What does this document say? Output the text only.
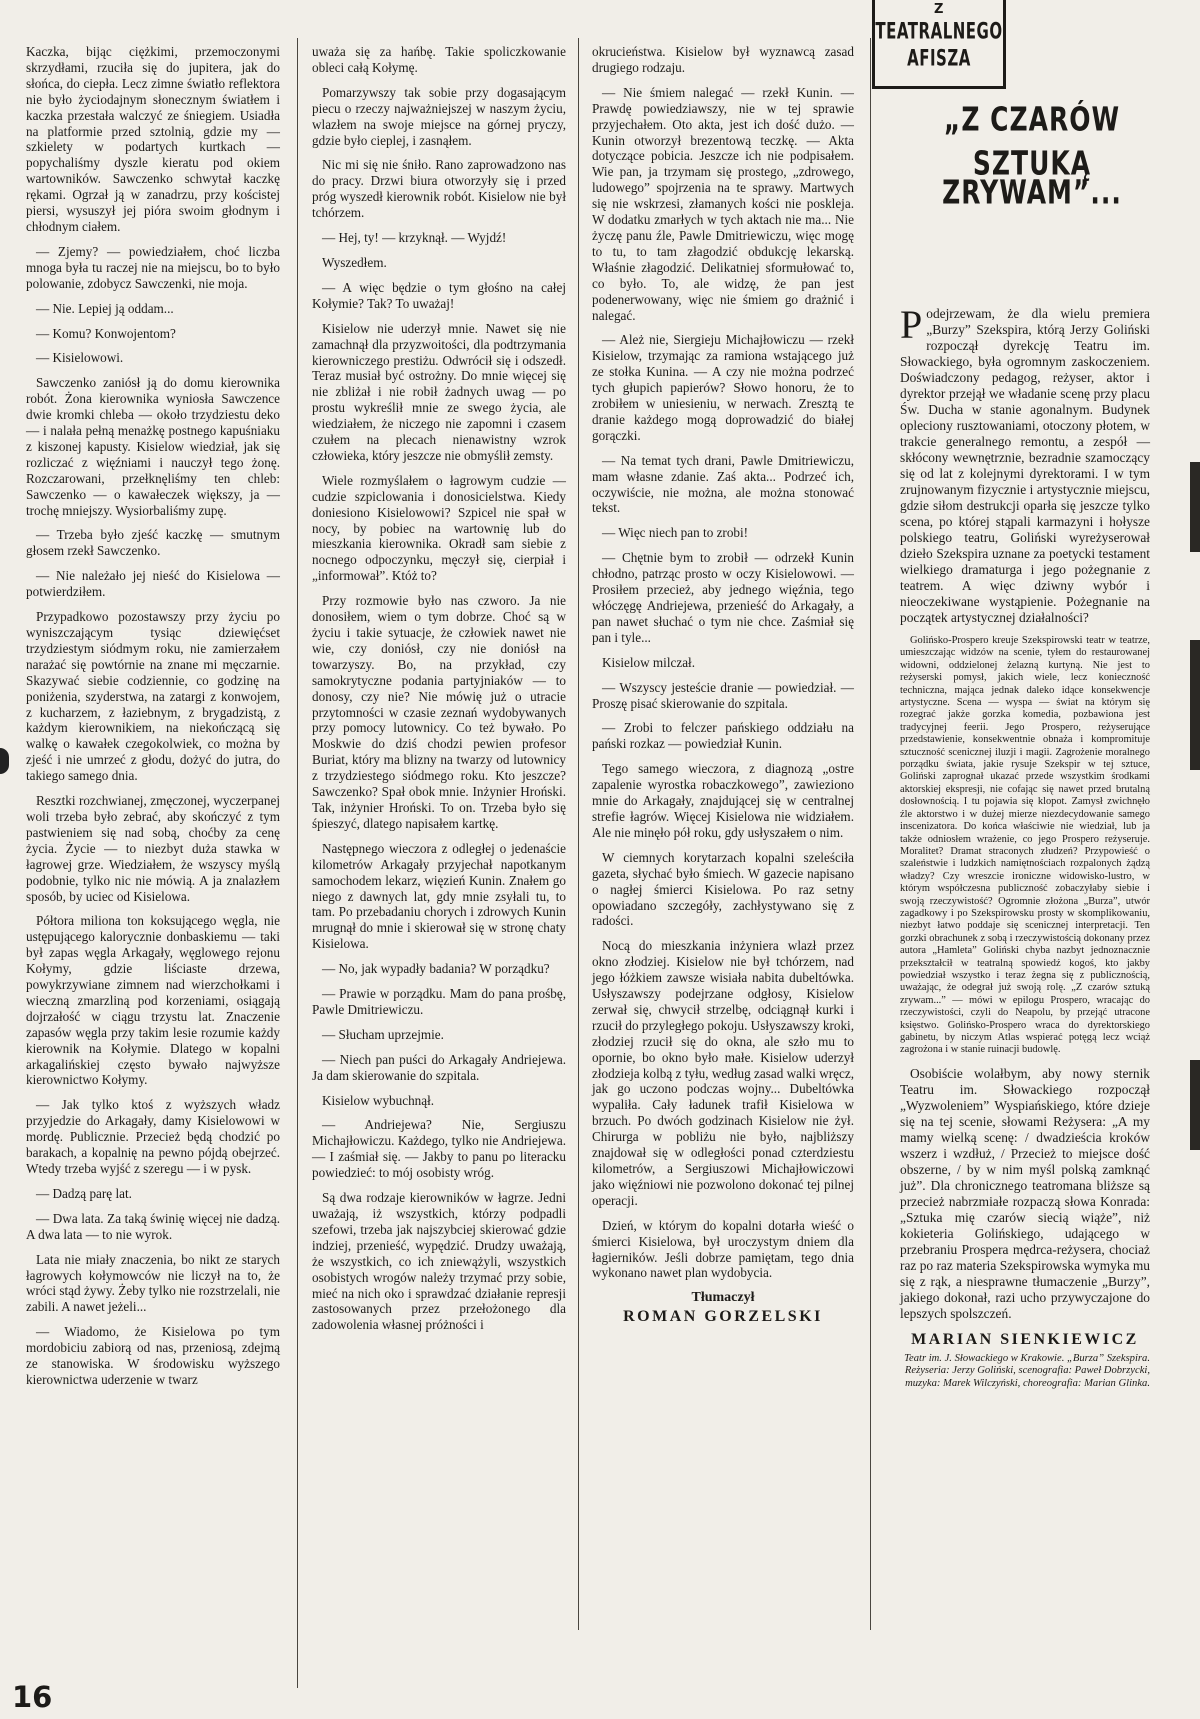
Kaczka, bijąc ciężkimi, przemoczonymi skrzydłami, rzuciła się do jupitera, jak do słońca, do ciepła. Lecz zimne światło reflektora nie było życiodajnym słonecznym światłem i kaczka przestała walczyć ze śniegiem. Usiadła na platformie przed sztolnią, gdzie my — szkielety w podartych kurtkach — popychaliśmy dyszle kieratu pod okiem wartowników. Sawczenko schwytał kaczkę rękami. Ogrzał ją w zanadrzu, przy kościstej piersi, wysuszył jej pióra swoim głodnym i chłodnym ciałem.

— Zjemy? — powiedziałem, choć liczba mnoga była tu raczej nie na miejscu, bo to było polowanie, zdobycz Sawczenki, nie moja.

— Nie. Lepiej ją oddam...

— Komu? Konwojentom?

— Kisielowowi.

Sawczenko zaniósł ją do domu kierownika robót. Żona kierownika wyniosła Sawczence dwie kromki chleba — około trzydziestu deko — i nalała pełną menażkę postnego kapuśniaku z kiszonej kapusty. Kisielow wiedział, jak się rozliczać z więźniami i nauczył tego żonę. Rozczarowani, przełknęliśmy ten chleb: Sawczenko — o kawałeczek większy, ja — trochę mniejszy. Wysiorbaliśmy zupę.

— Trzeba było zjeść kaczkę — smutnym głosem rzekł Sawczenko.

— Nie należało jej nieść do Kisielowa — potwierdziłem.

Przypadkowo pozostawszy przy życiu po wyniszczającym tysiąc dziewięćset trzydziestym siódmym roku, nie zamierzałem narażać się powtórnie na znane mi męczarnie. Skazywać siebie codziennie, co godzinę na poniżenia, szyderstwa, na zatargi z konwojem, z kucharzem, z łaziebnym, z brygadzistą, z każdym kierownikiem, na niekończącą się walkę o kawałek czegokolwiek, co można by zjeść i nie umrzeć z głodu, dożyć do jutra, do takiego samego dnia.

Resztki rozchwianej, zmęczonej, wyczerpanej woli trzeba było zebrać, aby skończyć z tym pastwieniem się nad sobą, choćby za cenę życia. Życie — to niezbyt duża stawka w łagrowej grze. Wiedziałem, że wszyscy myślą podobnie, tylko nic nie mówią. A ja znalazłem sposób, by uciec od Kisielowa.

Półtora miliona ton koksującego węgla, nie ustępującego kalorycznie donbaskiemu — taki był zapas węgla Arkagały, węglowego rejonu Kołymy, gdzie liściaste drzewa, powykrzywiane zimnem nad wierzchołkami i wieczną zmarzliną pod korzeniami, osiągają dojrzałość w ciągu trzystu lat. Znaczenie zapasów węgla przy takim lesie rozumie każdy kierownik na Kołymie. Dlatego w kopalni arkagalińskiej często bywało najwyższe kierownictwo Kołymy.

— Jak tylko ktoś z wyższych władz przyjedzie do Arkagały, damy Kisielowowi w mordę. Publicznie. Przecież będą chodzić po barakach, a kopalnię na pewno pójdą obejrzeć. Wtedy trzeba wyjść z szeregu — i w pysk.

— Dadzą parę lat.

— Dwa lata. Za taką świnię więcej nie dadzą. A dwa lata — to nie wyrok.

Lata nie miały znaczenia, bo nikt ze starych łagrowych kołymowców nie liczył na to, że wróci stąd żywy. Żeby tylko nie rozstrzelali, nie zabili. A nawet jeżeli...

— Wiadomo, że Kisielowa po tym mordobiciu zabiorą od nas, przeniosą, zdejmą ze stanowiska. W środowisku wyższego kierownictwa uderzenie w twarz

uważa się za hańbę. Takie spoliczkowanie obleci całą Kołymę.

Pomarzywszy tak sobie przy dogasającym piecu o rzeczy najważniejszej w naszym życiu, wlazłem na swoje miejsce na górnej pryczy, gdzie było cieplej, i zasnąłem.

Nic mi się nie śniło. Rano zaprowadzono nas do pracy. Drzwi biura otworzyły się i przed próg wyszedł kierownik robót. Kisielow nie był tchórzem.

— Hej, ty! — krzyknął. — Wyjdź!

Wyszedłem.

— A więc będzie o tym głośno na całej Kołymie? Tak? To uważaj!

Kisielow nie uderzył mnie. Nawet się nie zamachnął dla przyzwoitości, dla podtrzymania kierowniczego prestiżu. Odwrócił się i odszedł. Teraz musiał być ostrożny. Do mnie więcej się nie zbliżał i nie robił żadnych uwag — po prostu wykreślił mnie ze swego życia, ale wiedziałem, że niczego nie zapomni i czasem czułem na plecach nienawistny wzrok człowieka, który jeszcze nie obmyślił zemsty.

Wiele rozmyślałem o łagrowym cudzie — cudzie szpiclowania i donosicielstwa. Kiedy doniesiono Kisielowowi? Szpicel nie spał w nocy, by pobiec na wartownię lub do mieszkania kierownika. Okradł sam siebie z nocnego odpoczynku, męczył się, cierpiał i „informował”. Któż to?

Przy rozmowie było nas czworo. Ja nie donosiłem, wiem o tym dobrze. Choć są w życiu i takie sytuacje, że człowiek nawet nie wie, czy doniósł, czy nie doniósł na towarzyszy. Bo, na przykład, czy samokrytyczne podania partyjniaków — to donosy, czy nie? Nie mówię już o utracie przytomności w czasie zeznań wydobywanych przy pomocy lutownicy. Co też bywało. Po Moskwie do dziś chodzi pewien profesor Buriat, który ma blizny na twarzy od lutownicy z trzydziestego siódmego roku. Kto jeszcze? Sawczenko? Spał obok mnie. Inżynier Hroński. Tak, inżynier Hroński. To on. Trzeba było się śpieszyć, dlatego napisałem kartkę.

Następnego wieczora z odległej o jedenaście kilometrów Arkagały przyjechał napotkanym samochodem lekarz, więzień Kunin. Znałem go niego z dawnych lat, gdy mnie zsyłali tu, to tam. Po przebadaniu chorych i zdrowych Kunin mrugnął do mnie i skierował się w stronę chaty Kisielowa.

— No, jak wypadły badania? W porządku?

— Prawie w porządku. Mam do pana prośbę, Pawle Dmitriewiczu.

— Słucham uprzejmie.

— Niech pan puści do Arkagały Andriejewa. Ja dam skierowanie do szpitala.

Kisielow wybuchnął.

— Andriejewa? Nie, Sergiuszu Michajłowiczu. Każdego, tylko nie Andriejewa. — I zaśmiał się. — Jakby to panu po literacku powiedzieć: to mój osobisty wróg.

Są dwa rodzaje kierowników w łagrze. Jedni uważają, iż wszystkich, którzy podpadli szefowi, trzeba jak najszybciej skierować gdzie indziej, przenieść, wypędzić. Drudzy uważają, że wszystkich, co ich zniewążyli, wszystkich osobistych wrogów należy trzymać przy sobie, mieć na nich oko i sprawdzać działanie represji zastosowanych przez przełożonego dla zadowolenia własnej próżności i

okrucieństwa. Kisielow był wyznawcą zasad drugiego rodzaju.

— Nie śmiem nalegać — rzekł Kunin. — Prawdę powiedziawszy, nie w tej sprawie przyjechałem. Oto akta, jest ich dość dużo. — Kunin otworzył brezentową teczkę. — Akta dotyczące pobicia. Jeszcze ich nie podpisałem. Wie pan, ja trzymam się prostego, „zdrowego, ludowego” spojrzenia na te sprawy. Martwych się nie wskrzesi, złamanych kości nie poskleja. W dodatku zmarłych w tych aktach nie ma... Nie życzę panu źle, Pawle Dmitriewiczu, więc mogę to tu, to tam złagodzić obdukcję lekarską. Właśnie złagodzić. Delikatniej sformułować to, co było. To, ale widzę, że pan jest podenerwowany, więc nie śmiem go drażnić i nalegać.

— Ależ nie, Siergieju Michajłowiczu — rzekł Kisielow, trzymając za ramiona wstającego już ze stołka Kunina. — A czy nie można podrzeć tych głupich papierów? Słowo honoru, że to zrobiłem w uniesieniu, w nerwach. Zresztą te dranie każdego mogą doprowadzić do białej gorączki.

— Na temat tych drani, Pawle Dmitriewiczu, mam własne zdanie. Zaś akta... Podrzeć ich, oczywiście, nie można, ale można stonować tekst.

— Więc niech pan to zrobi!

— Chętnie bym to zrobił — odrzekł Kunin chłodno, patrząc prosto w oczy Kisielowowi. — Prosiłem przecież, aby jednego więźnia, tego włóczęgę Andriejewa, przenieść do Arkagały, a pan nawet słuchać o tym nie chce. Zaśmiał się pan i tyle...

Kisielow milczał.

— Wszyscy jesteście dranie — powiedział. — Proszę pisać skierowanie do szpitala.

— Zrobi to felczer pańskiego oddziału na pański rozkaz — powiedział Kunin.

Tego samego wieczora, z diagnozą „ostre zapalenie wyrostka robaczkowego”, zawieziono mnie do Arkagały, znajdującej się w centralnej strefie łagrów. Więcej Kisielowa nie widziałem. Ale nie minęło pół roku, gdy usłyszałem o nim.

W ciemnych korytarzach kopalni szeleściła gazeta, słychać było śmiech. W gazecie napisano o nagłej śmierci Kisielowa. Po raz setny opowiadano szczegóły, zachłystywano się z radości.

Nocą do mieszkania inżyniera wlazł przez okno złodziej. Kisielow nie był tchórzem, nad jego łóżkiem zawsze wisiała nabita dubeltówka. Usłyszawszy podejrzane odgłosy, Kisielow zerwał się, chwycił strzelbę, odciągnął kurki i rzucił do przyległego pokoju. Usłyszawszy kroki, złodziej rzucił się do okna, ale szło mu to opornie, bo okno było małe. Kisielow uderzył złodzieja kolbą z tyłu, według zasad walki wręcz, jak go uczono podczas wojny... Dubeltówka wypaliła. Cały ładunek trafił Kisielowa w brzuch. Po dwóch godzinach Kisielow nie żył. Chirurga w pobliżu nie było, najbliższy znajdował się w odległości ponad czterdziestu kilometrów, a Sergiuszowi Michajłowiczowi jako więźniowi nie pozwolono dokonać tej pilnej operacji.

Dzień, w którym do kopalni dotarła wieść o śmierci Kisielowa, był uroczystym dniem dla łagierników. Jeśli dobrze pamiętam, tego dnia wykonano nawet plan wydobycia.

Tłumaczył
ROMAN GORZELSKI
Z
TEATRALNEGO
AFISZA
„Z CZARÓW SZTUKĄ
ZRYWAM”...

Podejrzewam, że dla wielu premiera „Burzy” Szekspira, którą Jerzy Goliński rozpoczął dyrekcję Teatru im. Słowackiego, była ogromnym zaskoczeniem. Doświadczony pedagog, reżyser, aktor i dyrektor przejął we władanie scenę przy placu Św. Ducha w stanie agonalnym. Budynek opleciony rusztowaniami, otoczony płotem, w trakcie generalnego remontu, a zespół — skłócony wewnętrznie, bezradnie szamoczący się od lat z kolejnymi dyrektorami. I w tym zrujnowanym fizycznie i artystycznie miejscu, gdzie siłom destrukcji oparła się jeszcze tylko scena, po której stąpali karmazyni i hołysze polskiego teatru, Goliński wyreżyserował dzieło Szekspira uznane za poetycki testament wielkiego dramaturga i jego pożegnanie z teatrem. A więc dziwny wybór i nieoczekiwane wystąpienie. Pożegnanie na początek artystycznej działalności?

Golińsko-Prospero kreuje Szekspirowski teatr w teatrze, umieszczając widzów na scenie, tyłem do restaurowanej widowni, oddzielonej żelazną kurtyną. Nie jest to reżyserski pomysł, jakich wiele, lecz konieczność techniczna, mająca jednak daleko idące konsekwencje artystyczne. Scena — wyspa — świat na którym się rozegrać jakże gorzka komedia, pozbawiona jest tradycyjnej feerii. Jego Prospero, reżyserujące przedstawienie, konsekwentnie obnaża i kompromituje sztuczność scenicznej iluzji i magii. Zagrożenie moralnego porządku świata, jakie rysuje Szekspir w tej sztuce, Goliński zaprognał ukazać przede wszystkim środkami aktorskiej ekspresji, nie cofając się nawet przed brutalną dosłownością. I tu pojawia się klopot. Zamysł zwichnęło źle aktorstwo i w dużej mierze niezdecydowanie samego inscenizatora. Do końca właściwie nie wiedział, lub ja także odniosłem wrażenie, co jego Prospero reżyseruje. Moralitet? Dramat straconych złudzeń? Przypowieść o szaleństwie i ludzkich namiętnościach rozpalonych żądzą władzy? Czy wreszcie ironiczne widowisko-lustro, w którym współczesna publiczność zobaczyłaby siebie i swoją rzeczywistość? Ogromnie złożona „Burza”, utwór zagadkowy i po Szekspirowsku prosty w skomplikowaniu, niezbyt łatwo poddaje się scenicznej interpretacji. Ten gorzki obrachunek z sobą i rzeczywistością dokonany przez autora „Hamleta” Goliński chyba nazbyt jednoznacznie przekształcił w teatralną spowiedź kogoś, kto jakby powiedział wszystko i teraz żegna się z publicznością, uważając, że odegrał już swoją rolę. „Z czarów sztuką zrywam...” — mówi w epilogu Prospero, wracając do rzeczywistości, czyli do Neapolu, by przejąć utracone księstwo. Golińsko-Prospero wraca do dyrektorskiego gabinetu, by niczym Atlas wspierać potęgą lecz wciąż zagrożona i w stanie ruinacji budowlę.

Osobiście wolałbym, aby nowy sternik Teatru im. Słowackiego rozpoczął „Wyzwoleniem” Wyspiańskiego, które dzieje się na tej scenie, słowami Reżysera: „A my mamy wielką scenę: / dwadzieścia kroków wszerz i wzdłuż, / Przecież to miejsce dość obszerne, / by w nim myśl polską zamknąć już”. Dla chronicznego teatromana bliższe są przecież nabrzmiałe rozpaczą słowa Konrada: „Sztuka mię czarów siecią wiąże”, niż kokieteria Golińskiego, udającego w przebraniu Prospera mędrca-reżysera, chociaż raz po raz materia Szekspirowska wymyka mu się z rąk, a niesprawne tłumaczenie „Burzy”, jakiego dokonał, razi ucho przywyczajone do lepszych spolszczeń.

MARIAN SIENKIEWICZ

Teatr im. J. Słowackiego w Krakowie. „Burza” Szekspira. Reżyseria: Jerzy Goliński, scenografia: Paweł Dobrzycki, muzyka: Marek Wilczyński, choreografia: Marian Glinka.

16
